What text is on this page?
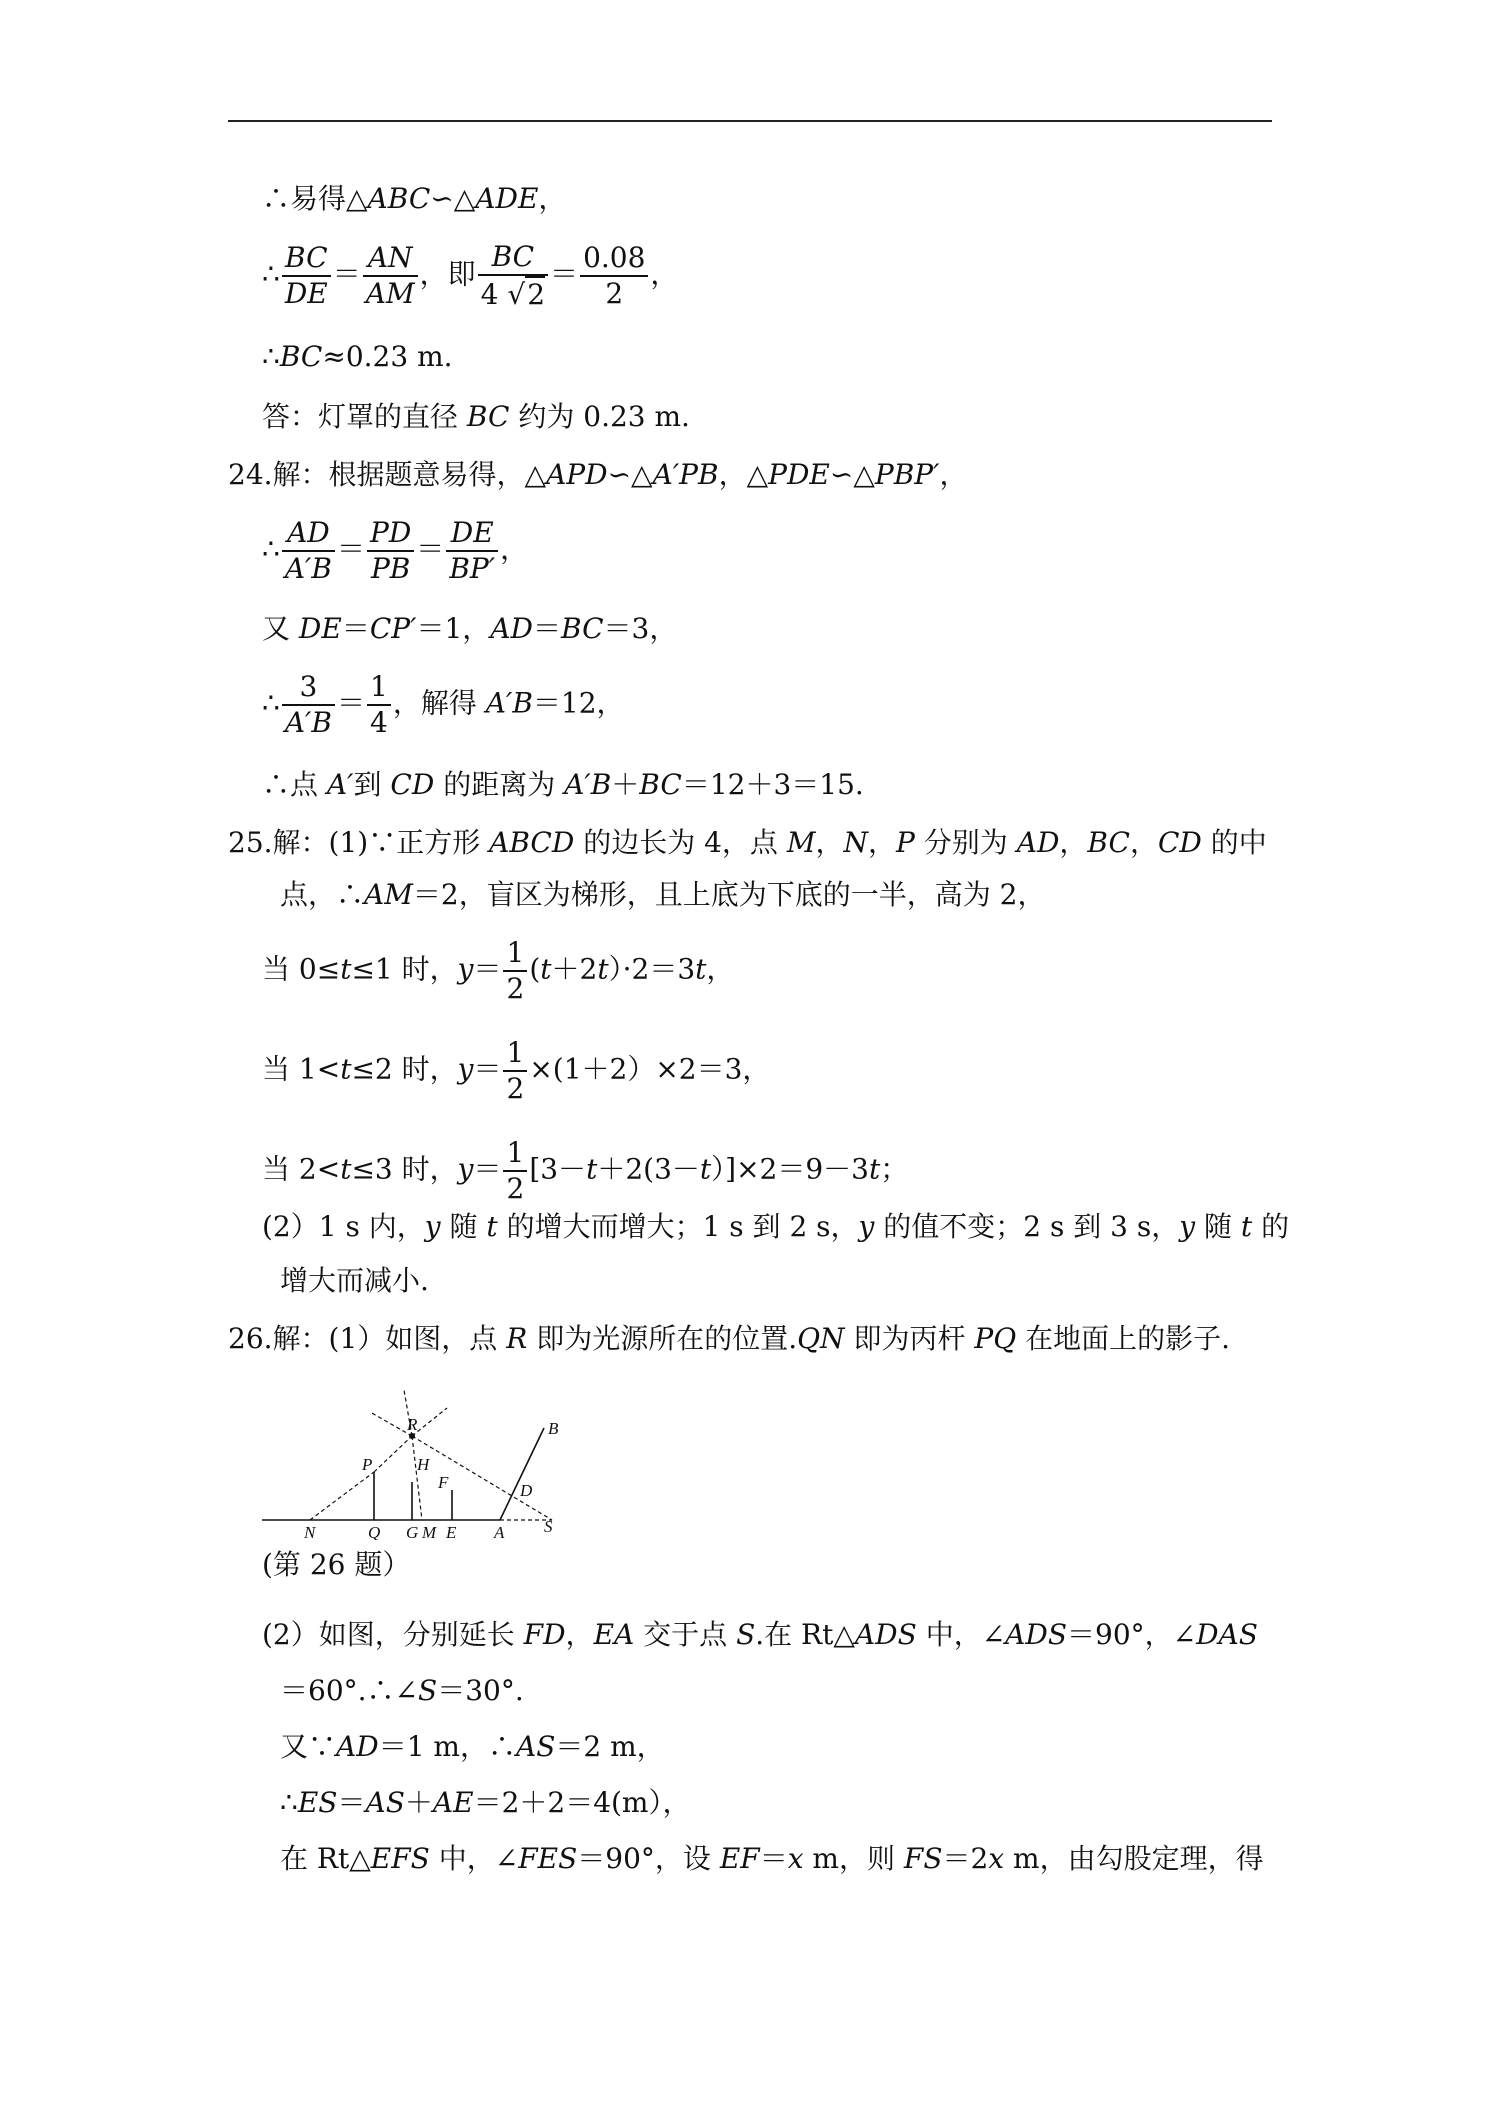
∴易得△ABC∽△ADE，
∴ $\frac{BC}{DE} = \frac{AN}{AM}$ ，即 $\frac{BC}{4 √2} = \frac{0.08}{2}$ ，
∴BC≈0.23 m.
答：灯罩的直径 BC 约为 0.23 m.
24.解：根据题意易得，△APD∽△A′PB，△PDE∽△PBP′，
∴ $\frac{AD}{A'B} = \frac{PD}{PB} = \frac{DE}{BP'}$ ，
又 DE＝CP′＝1，AD＝BC＝3，
∴ $\frac{3}{A'B} = \frac{1}{4}$ ，解得 A′B＝12，
∴点 A′到 CD 的距离为 A′B＋BC＝12＋3＝15.
25.解：(1)∵正方形 ABCD 的边长为 4，点 M，N，P 分别为 AD，BC，CD 的中
点，∴AM＝2，盲区为梯形，且上底为下底的一半，高为 2，
当 0≤t≤1 时，$y= \frac{1}{2} (t+2t)\cdot 2=3t$，
当 1<t≤2 时，$y= \frac{1}{2} \times(1+2)\times 2=3$，
当 2<t≤3 时，$y= \frac{1}{2} [3-t+2(3-t)]\times 2=9-3t$；
(2）1 s 内，y 随 t 的增大而增大；1 s 到 2 s，y 的值不变；2 s 到 3 s，y 随 t 的
增大而减小.
26.解：(1）如图，点 R 即为光源所在的位置.QN 即为丙杆 PQ 在地面上的影子.
R
P	H
F
B
D
N	Q G M E A S
(第 26 题）
(2）如图，分别延长 FD，EA 交于点 S.在 Rt△ADS 中，∠ADS＝90°，∠DAS
＝60°.∴∠S＝30°.
又∵AD＝1 m，∴AS＝2 m，
∴ES＝AS＋AE＝2＋2＝4(m），
在 Rt△EFS 中，∠FES＝90°，设 EF＝x m，则 FS＝2x m，由勾股定理，得
